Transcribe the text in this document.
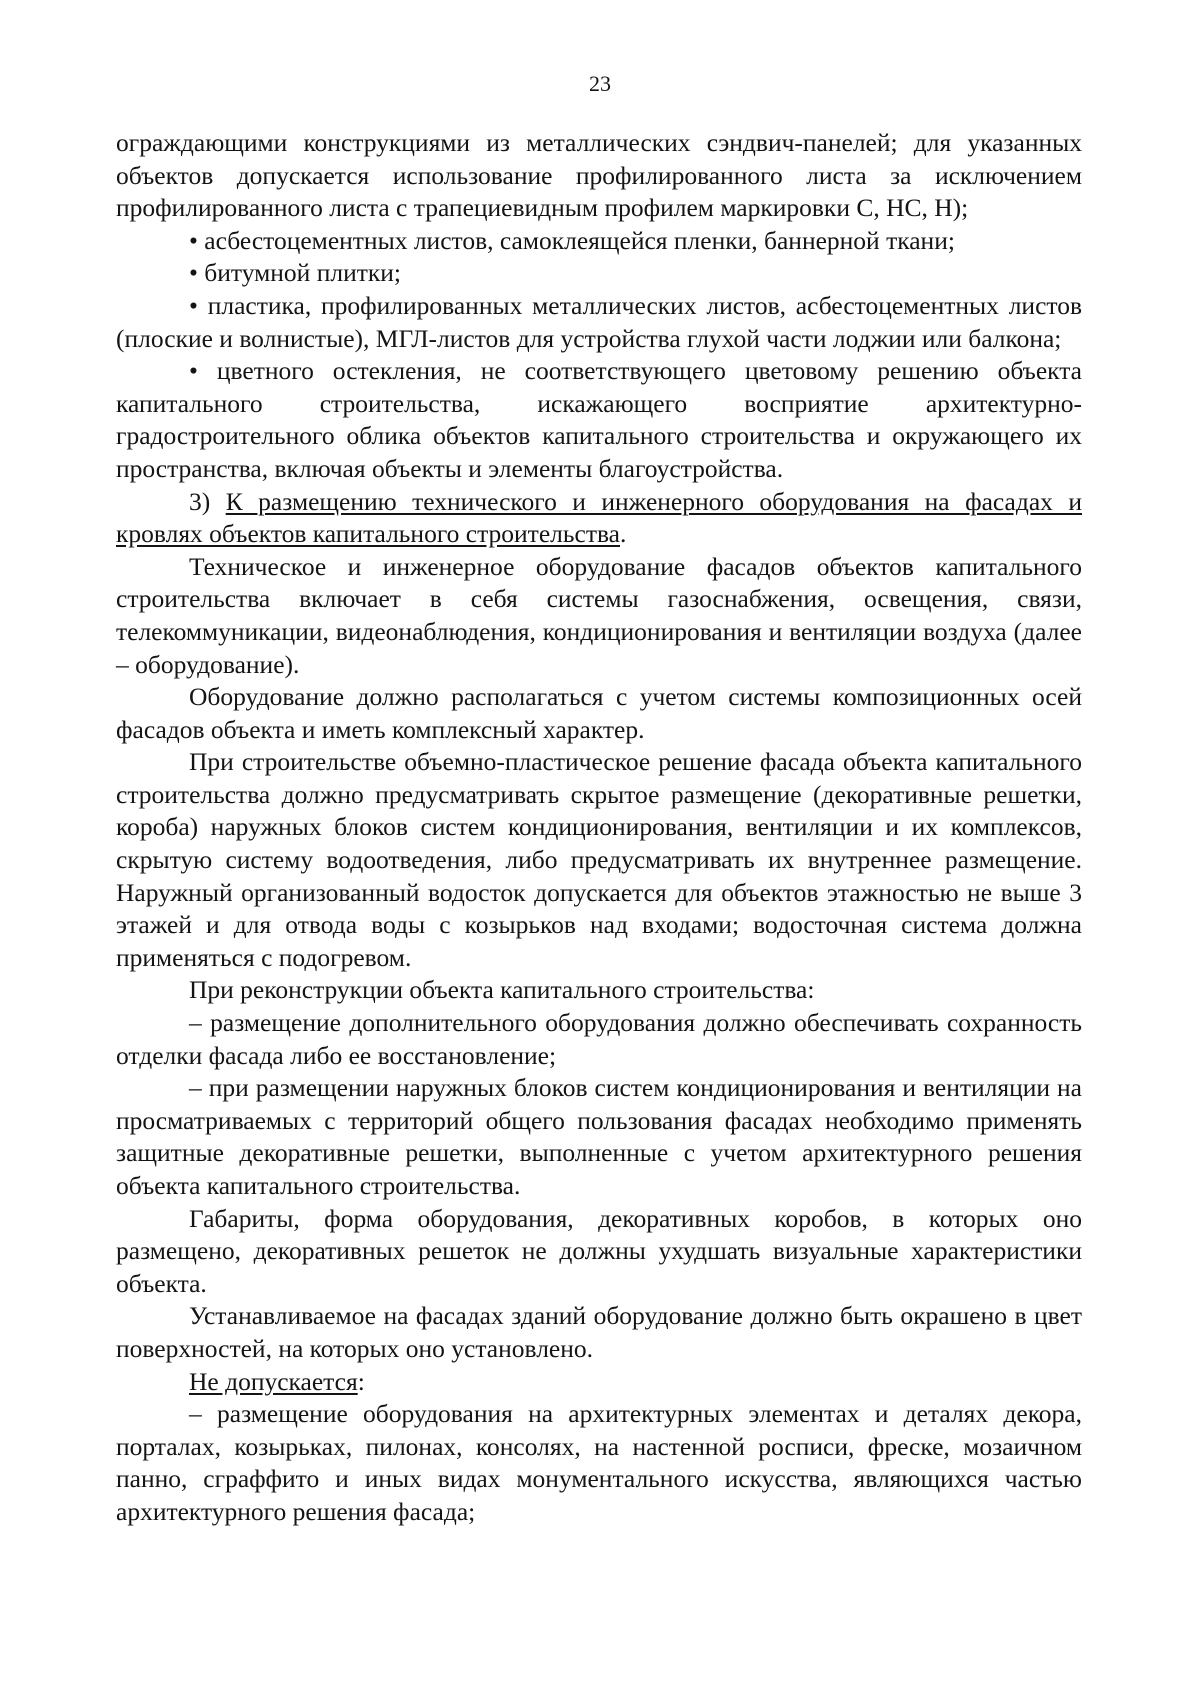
23

ограждающими конструкциями из металлических сэндвич-панелей; для указанных объектов допускается использование профилированного листа за исключением профилированного листа с трапециевидным профилем маркировки С, НС, Н);

• асбестоцементных листов, самоклеящейся пленки, баннерной ткани;

• битумной плитки;

• пластика, профилированных металлических листов, асбестоцементных листов (плоские и волнистые), МГЛ-листов для устройства глухой части лоджии или балкона;

• цветного остекления, не соответствующего цветовому решению объекта капитального строительства, искажающего восприятие архитектурно-градостроительного облика объектов капитального строительства и окружающего их пространства, включая объекты и элементы благоустройства.

3) К размещению технического и инженерного оборудования на фасадах и кровлях объектов капитального строительства.

Техническое и инженерное оборудование фасадов объектов капитального строительства включает в себя системы газоснабжения, освещения, связи, телекоммуникации, видеонаблюдения, кондиционирования и вентиляции воздуха (далее – оборудование).

Оборудование должно располагаться с учетом системы композиционных осей фасадов объекта и иметь комплексный характер.

При строительстве объемно-пластическое решение фасада объекта капитального строительства должно предусматривать скрытое размещение (декоративные решетки, короба) наружных блоков систем кондиционирования, вентиляции и их комплексов, скрытую систему водоотведения, либо предусматривать их внутреннее размещение. Наружный организованный водосток допускается для объектов этажностью не выше 3 этажей и для отвода воды с козырьков над входами; водосточная система должна применяться с подогревом.

При реконструкции объекта капитального строительства:

– размещение дополнительного оборудования должно обеспечивать сохранность отделки фасада либо ее восстановление;

– при размещении наружных блоков систем кондиционирования и вентиляции на просматриваемых с территорий общего пользования фасадах необходимо применять защитные декоративные решетки, выполненные с учетом архитектурного решения объекта капитального строительства.

Габариты, форма оборудования, декоративных коробов, в которых оно размещено, декоративных решеток не должны ухудшать визуальные характеристики объекта.

Устанавливаемое на фасадах зданий оборудование должно быть окрашено в цвет поверхностей, на которых оно установлено.

Не допускается:

– размещение оборудования на архитектурных элементах и деталях декора, порталах, козырьках, пилонах, консолях, на настенной росписи, фреске, мозаичном панно, сграффито и иных видах монументального искусства, являющихся частью архитектурного решения фасада;
